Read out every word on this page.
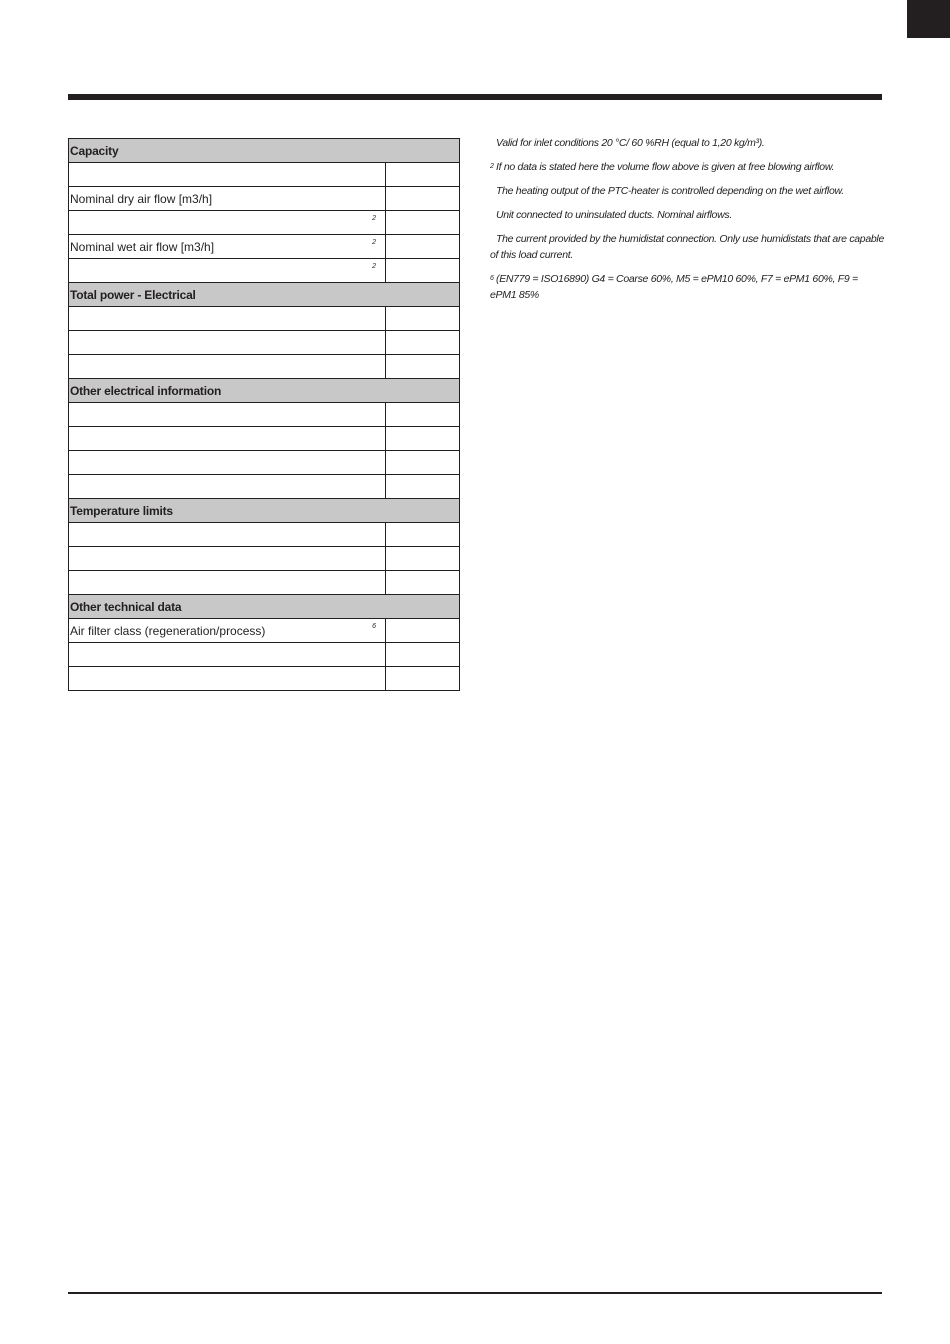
Capacity	

Nominal dry air flow [m3/h]

2	

Nominal wet air flow [m3/h] 2	

2	

Total power - Electrical	

Other electrical information	

Temperature limits	

Other technical data	
Air filter class (regeneration/process) 6	

Valid for inlet conditions 20 °C/ 60 %RH (equal to 1,20 kg/m³).
2 If no data is stated here the volume flow above is given at free blowing airflow.
The heating output of the PTC-heater is controlled depending on the wet airflow.
Unit connected to uninsulated ducts. Nominal airflows.
The current provided by the humidistat connection. Only use humidistats that are capable of this load current.
6 (EN779 = ISO16890) G4 = Coarse 60%, M5 = ePM10 60%, F7 = ePM1 60%, F9 = ePM1 85%
